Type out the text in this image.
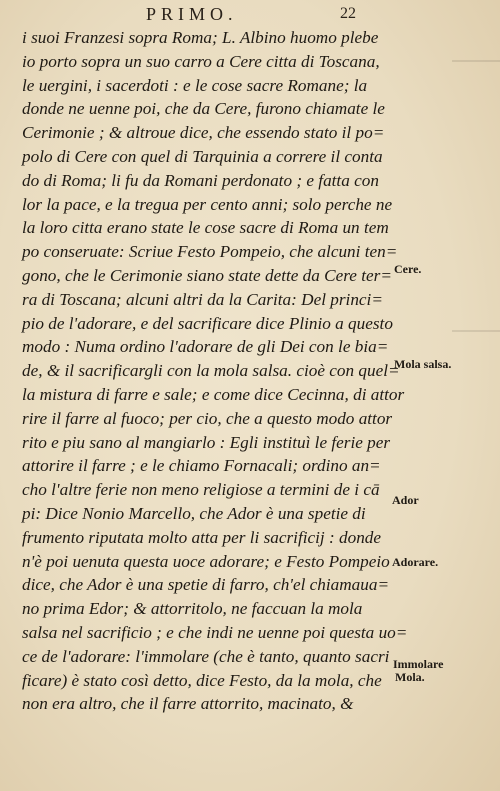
PRIMO.	22
i suoi Franzesi sopra Roma; L. Albino huomo plebe
io porto sopra un suo carro a Cere citta di Toscana,
le uergini, i sacerdoti : e le cose sacre Romane; la
donde ne uenne poi, che da Cere, furono chiamate le
Cerimonie ; & altroue dice, che essendo stato il po=
polo di Cere con quel di Tarquinia a correre il conta
do di Roma; li fu da Romani perdonato ; e fatta con
lor la pace, e la tregua per cento anni; solo perche ne
la loro citta erano state le cose sacre di Roma un tem
po conseruate: Scriue Festo Pompeio, che alcuni ten=
gono, che le Cerimonie siano state dette da Cere ter=
ra di Toscana; alcuni altri da la Carita: Del princi=
pio de l'adorare, e del sacrificare dice Plinio a questo
modo : Numa ordino l'adorare de gli Dei con le bia=
de, & il sacrificargli con la mola salsa. cioè con quel=
la mistura di farre e sale; e come dice Cecinna, di attor
rire il farre al fuoco; per cio, che a questo modo attor
rito e piu sano al mangiarlo : Egli instituì le ferie per
attorire il farre ; e le chiamo Fornacali; ordino an=
cho l'altre ferie non meno religiose a termini de i cā
pi: Dice Nonio Marcello, che Ador è una spetie di
frumento riputata molto atta per li sacrificij : donde
n'è poi uenuta questa uoce adorare; e Festo Pompeio
dice, che Ador è una spetie di farro, ch'el chiamaua=
no prima Edor; & attorritolo, ne faccuan la mola
salsa nel sacrificio ; e che indi ne uenne poi questa uo=
ce de l'adorare: l'immolare (che è tanto, quanto sacri
ficare) è stato così detto, dice Festo, da la mola, che
non era altro, che il farre attorrito, macinato, &
Cere.
Mola salsa.
Ador
Adorare.
Immolare
Mola.
